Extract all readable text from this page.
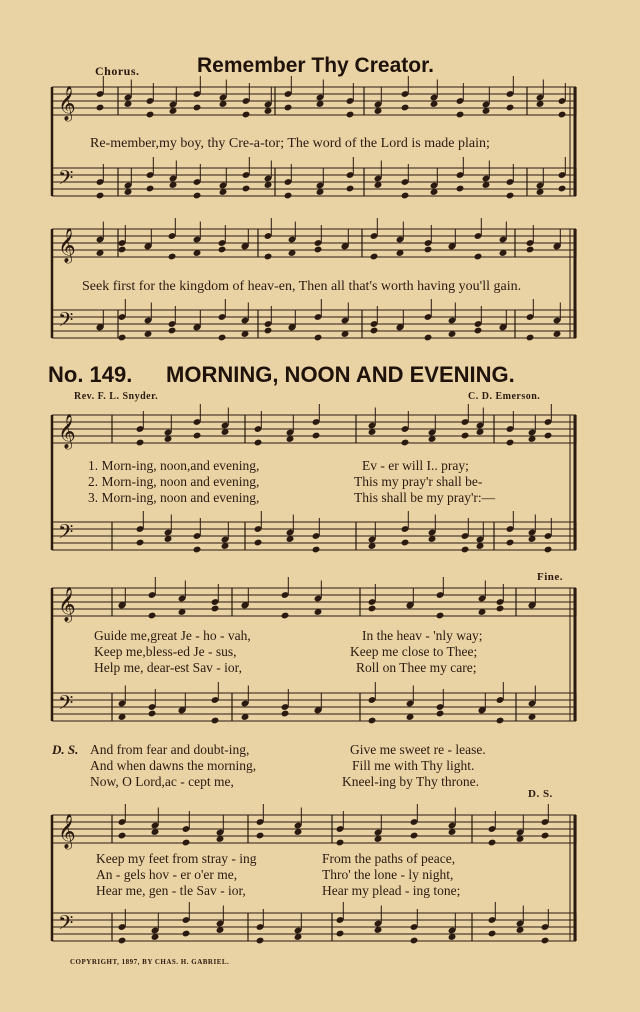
𝄞
𝄢
𝄞
𝄢
𝄞
𝄢
𝄞
𝄢
𝄞
𝄢
Chorus.	Remember Thy Creator.
Re-member,my boy, thy Cre-a-tor; The word of the Lord is made plain;
Seek first for the kingdom of heav-en, Then all that's worth having you'll gain.
No. 149. MORNING, NOON AND EVENING.
Rev. F. L. Snyder.	C. D. Emerson.
1. Morn-ing, noon,and evening,
2. Morn-ing, noon and evening,
3. Morn-ing, noon and evening,
Ev - er will I.. pray;
This my pray'r shall be-
This shall be my pray'r:—
Fine.
Guide me,great Je - ho - vah,
Keep me,bless-ed Je - sus,
Help me, dear-est Sav - ior,
In the heav - 'nly way;
Keep me close to Thee;
Roll on Thee my care;
D. S. And from fear and doubt-ing,
And when dawns the morning,
Now, O Lord,ac - cept me,
Give me sweet re - lease.
Fill me with Thy light.
Kneel-ing by Thy throne.
D. S.
Keep my feet from stray - ing
An - gels hov - er o'er me,
Hear me, gen - tle Sav - ior,
From the paths of peace,
Thro' the lone - ly night,
Hear my plead - ing tone;
COPYRIGHT, 1897, BY CHAS. H. GABRIEL.
